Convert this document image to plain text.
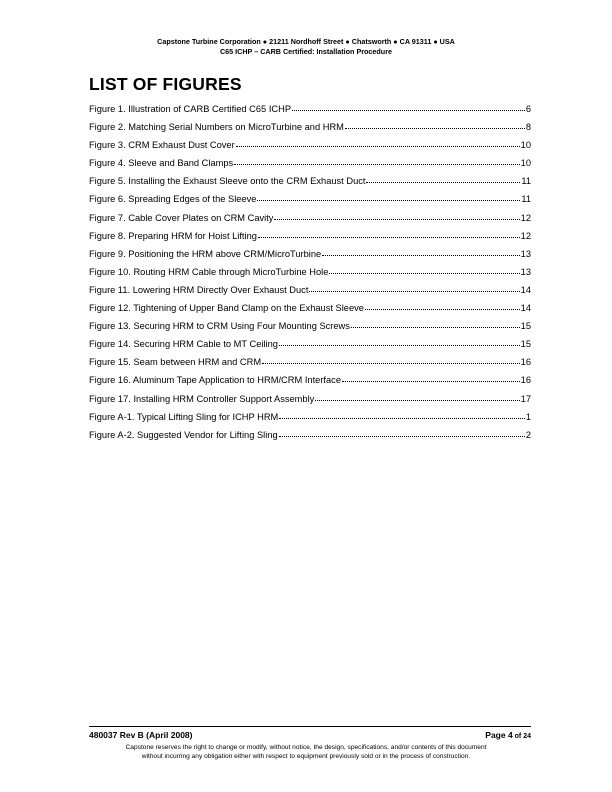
Capstone Turbine Corporation ● 21211 Nordhoff Street ● Chatsworth ● CA 91311 ● USA
C65 ICHP – CARB Certified: Installation Procedure
LIST OF FIGURES
Figure 1. Illustration of CARB Certified C65 ICHP	6
Figure 2. Matching Serial Numbers on MicroTurbine and HRM	8
Figure 3. CRM Exhaust Dust Cover	10
Figure 4. Sleeve and Band Clamps	10
Figure 5. Installing the Exhaust Sleeve onto the CRM Exhaust Duct	11
Figure 6. Spreading Edges of the Sleeve	11
Figure 7. Cable Cover Plates on CRM Cavity	12
Figure 8. Preparing HRM for Hoist Lifting	12
Figure 9. Positioning the HRM above CRM/MicroTurbine	13
Figure 10. Routing HRM Cable through MicroTurbine Hole	13
Figure 11. Lowering HRM Directly Over Exhaust Duct	14
Figure 12. Tightening of Upper Band Clamp on the Exhaust Sleeve	14
Figure 13. Securing HRM to CRM Using Four Mounting Screws	15
Figure 14. Securing HRM Cable to MT Ceiling	15
Figure 15. Seam between HRM and CRM	16
Figure 16. Aluminum Tape Application to HRM/CRM Interface	16
Figure 17. Installing HRM Controller Support Assembly	17
Figure A-1. Typical Lifting Sling for ICHP HRM	1
Figure A-2. Suggested Vendor for Lifting Sling	2
480037 Rev B (April 2008)	Page 4 of 24
Capstone reserves the right to change or modify, without notice, the design, specifications, and/or contents of this document
without incurring any obligation either with respect to equipment previously sold or in the process of construction.
